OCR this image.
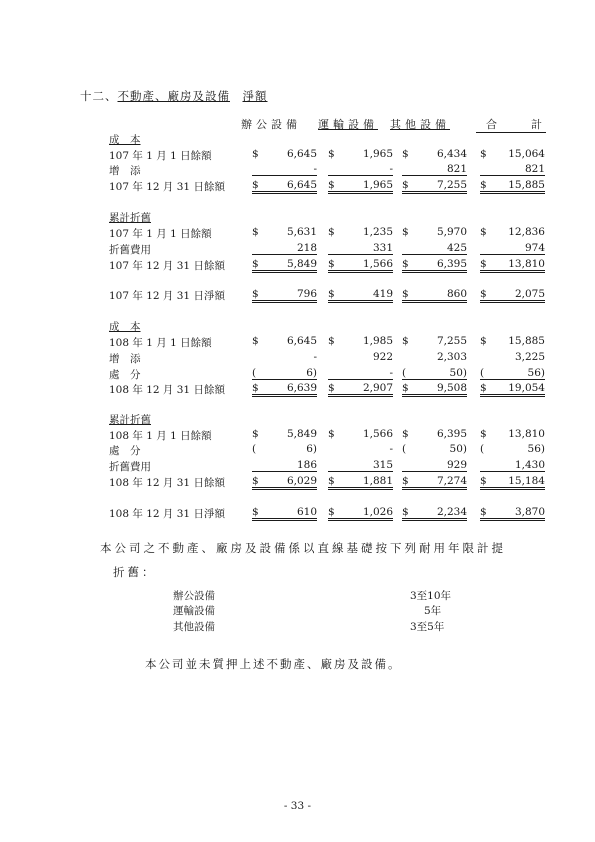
十二、不動產、廠房及設備　 淨額
辦公設備 運輸設備 其他設備	合　　計
成　本
107 年 1 月 1 日餘額	$	6,645 $	1,965 $	6,434 $ 15,064
增　添	-	-	821	821
107 年 12 月 31 日餘額	$	6,645 $	1,965 $	7,255 $ 15,885
累計折舊
107 年 1 月 1 日餘額	$	5,631 $	1,235 $	5,970 $ 12,836
折舊費用	218	331	425	974
107 年 12 月 31 日餘額	$	5,849 $	1,566 $	6,395 $ 13,810
107 年 12 月 31 日淨額	$	796 $	419 $	860 $	2,075
成　本
108 年 1 月 1 日餘額	$	6,645 $	1,985 $	7,255 $ 15,885
增　添	-	922	2,303	3,225
處　分	(	6)	- (	50) (	56)
108 年 12 月 31 日餘額	$	6,639 $	2,907 $	9,508 $ 19,054
累計折舊
108 年 1 月 1 日餘額	$	5,849 $	1,566 $	6,395 $ 13,810
處　分	(	6)	- (	50) (	56)
折舊費用	186	315	929	1,430
108 年 12 月 31 日餘額	$	6,029 $	1,881 $	7,274 $ 15,184
108 年 12 月 31 日淨額	$	610 $	1,026 $	2,234 $	3,870
本公司之不動產、廠房及設備係以直線基礎按下列耐用年限計提
折舊：
辦公設備	3至10年
運輸設備	5年
其他設備	3至5年
本公司並未質押上述不動產、廠房及設備。
- 33 -
